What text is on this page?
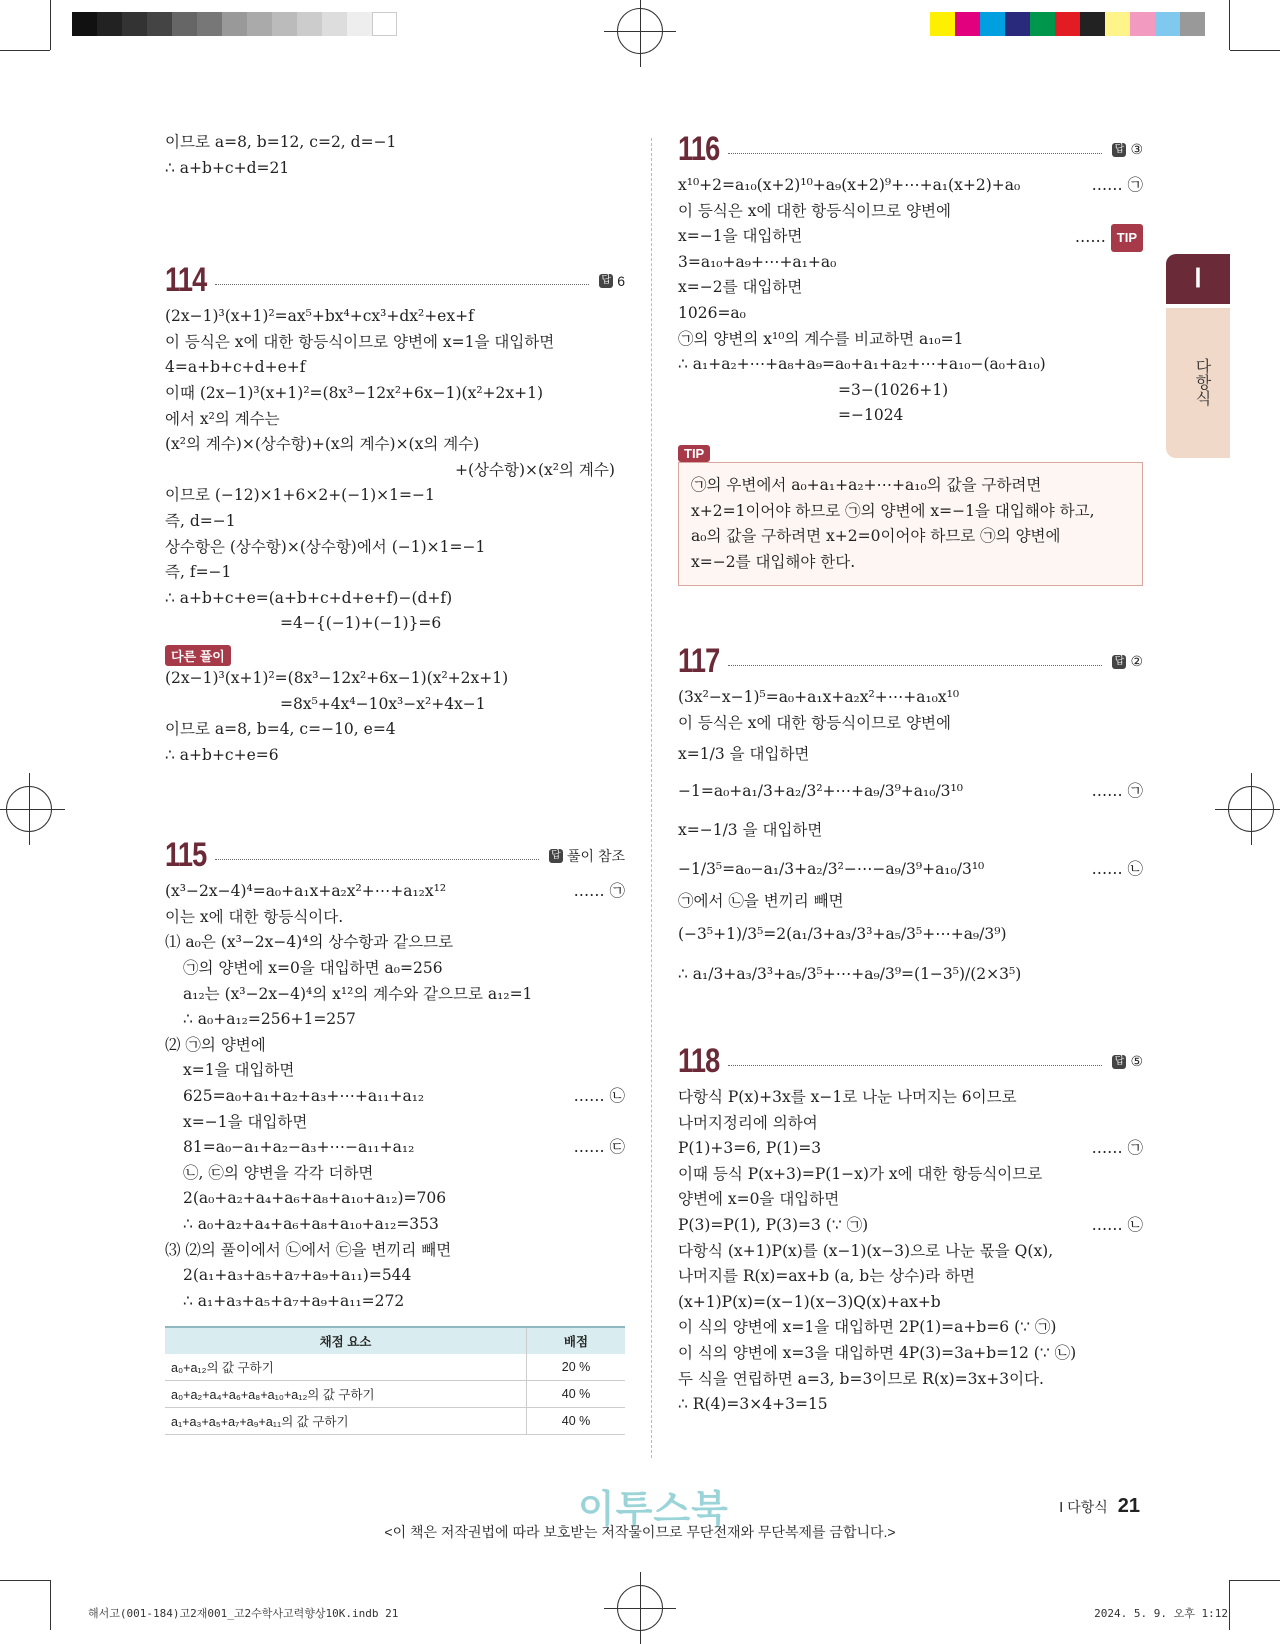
Ⅰ
다항식
이므로 a=8, b=12, c=2, d=−1
∴ a+b+c+d=21
114	답 6
(2x−1)³(x+1)²=ax⁵+bx⁴+cx³+dx²+ex+f
이 등식은 x에 대한 항등식이므로 양변에 x=1을 대입하면
4=a+b+c+d+e+f
이때 (2x−1)³(x+1)²=(8x³−12x²+6x−1)(x²+2x+1)
에서 x²의 계수는
(x²의 계수)×(상수항)+(x의 계수)×(x의 계수)
+(상수항)×(x²의 계수)
이므로 (−12)×1+6×2+(−1)×1=−1
즉, d=−1
상수항은 (상수항)×(상수항)에서 (−1)×1=−1
즉, f=−1
∴ a+b+c+e=(a+b+c+d+e+f)−(d+f)
=4−{(−1)+(−1)}=6
다른 풀이
(2x−1)³(x+1)²=(8x³−12x²+6x−1)(x²+2x+1)
=8x⁵+4x⁴−10x³−x²+4x−1
이므로 a=8, b=4, c=−10, e=4
∴ a+b+c+e=6
115	답 풀이 참조
(x³−2x−4)⁴=a₀+a₁x+a₂x²+⋯+a₁₂x¹²	…… ㉠
이는 x에 대한 항등식이다.
⑴ a₀은 (x³−2x−4)⁴의 상수항과 같으므로
㉠의 양변에 x=0을 대입하면 a₀=256
a₁₂는 (x³−2x−4)⁴의 x¹²의 계수와 같으므로 a₁₂=1
∴ a₀+a₁₂=256+1=257
⑵ ㉠의 양변에
x=1을 대입하면
625=a₀+a₁+a₂+a₃+⋯+a₁₁+a₁₂	…… ㉡
x=−1을 대입하면
81=a₀−a₁+a₂−a₃+⋯−a₁₁+a₁₂	…… ㉢
㉡, ㉢의 양변을 각각 더하면
2(a₀+a₂+a₄+a₆+a₈+a₁₀+a₁₂)=706
∴ a₀+a₂+a₄+a₆+a₈+a₁₀+a₁₂=353
⑶ ⑵의 풀이에서 ㉡에서 ㉢을 변끼리 빼면
2(a₁+a₃+a₅+a₇+a₉+a₁₁)=544
∴ a₁+a₃+a₅+a₇+a₉+a₁₁=272
채점 요소	배점
a₀+a₁₂의 값 구하기	20 %
a₀+a₂+a₄+a₆+a₈+a₁₀+a₁₂의 값 구하기	40 %
a₁+a₃+a₅+a₇+a₉+a₁₁의 값 구하기	40 %
116	답 ③
x¹⁰+2=a₁₀(x+2)¹⁰+a₉(x+2)⁹+⋯+a₁(x+2)+a₀	…… ㉠
이 등식은 x에 대한 항등식이므로 양변에
x=−1을 대입하면	…… TIP
3=a₁₀+a₉+⋯+a₁+a₀
x=−2를 대입하면
1026=a₀
㉠의 양변의 x¹⁰의 계수를 비교하면 a₁₀=1
∴ a₁+a₂+⋯+a₈+a₉=a₀+a₁+a₂+⋯+a₁₀−(a₀+a₁₀)
=3−(1026+1)
=−1024
TIP
㉠의 우변에서 a₀+a₁+a₂+⋯+a₁₀의 값을 구하려면
x+2=1이어야 하므로 ㉠의 양변에 x=−1을 대입해야 하고,
a₀의 값을 구하려면 x+2=0이어야 하므로 ㉠의 양변에
x=−2를 대입해야 한다.
117	답 ②
(3x²−x−1)⁵=a₀+a₁x+a₂x²+⋯+a₁₀x¹⁰
이 등식은 x에 대한 항등식이므로 양변에
x=1/3 을 대입하면
−1=a₀+a₁/3+a₂/3²+⋯+a₉/3⁹+a₁₀/3¹⁰	…… ㉠
x=−1/3 을 대입하면
−1/3⁵=a₀−a₁/3+a₂/3²−⋯−a₉/3⁹+a₁₀/3¹⁰	…… ㉡
㉠에서 ㉡을 변끼리 빼면
(−3⁵+1)/3⁵=2(a₁/3+a₃/3³+a₅/3⁵+⋯+a₉/3⁹)
∴ a₁/3+a₃/3³+a₅/3⁵+⋯+a₉/3⁹=(1−3⁵)/(2×3⁵)
118	답 ⑤
다항식 P(x)+3x를 x−1로 나눈 나머지는 6이므로
나머지정리에 의하여
P(1)+3=6, P(1)=3	…… ㉠
이때 등식 P(x+3)=P(1−x)가 x에 대한 항등식이므로
양변에 x=0을 대입하면
P(3)=P(1), P(3)=3 (∵ ㉠)	…… ㉡
다항식 (x+1)P(x)를 (x−1)(x−3)으로 나눈 몫을 Q(x),
나머지를 R(x)=ax+b (a, b는 상수)라 하면
(x+1)P(x)=(x−1)(x−3)Q(x)+ax+b
이 식의 양변에 x=1을 대입하면 2P(1)=a+b=6 (∵ ㉠)
이 식의 양변에 x=3을 대입하면 4P(3)=3a+b=12 (∵ ㉡)
두 식을 연립하면 a=3, b=3이므로 R(x)=3x+3이다.
∴ R(4)=3×4+3=15
이투스북	Ⅰ 다항식 21
<이 책은 저작권법에 따라 보호받는 저작물이므로 무단전재와 무단복제를 금합니다.>
해서고(001-184)고2재001_고2수학사고력향상10K.indb 21	2024. 5. 9. 오후 1:12
